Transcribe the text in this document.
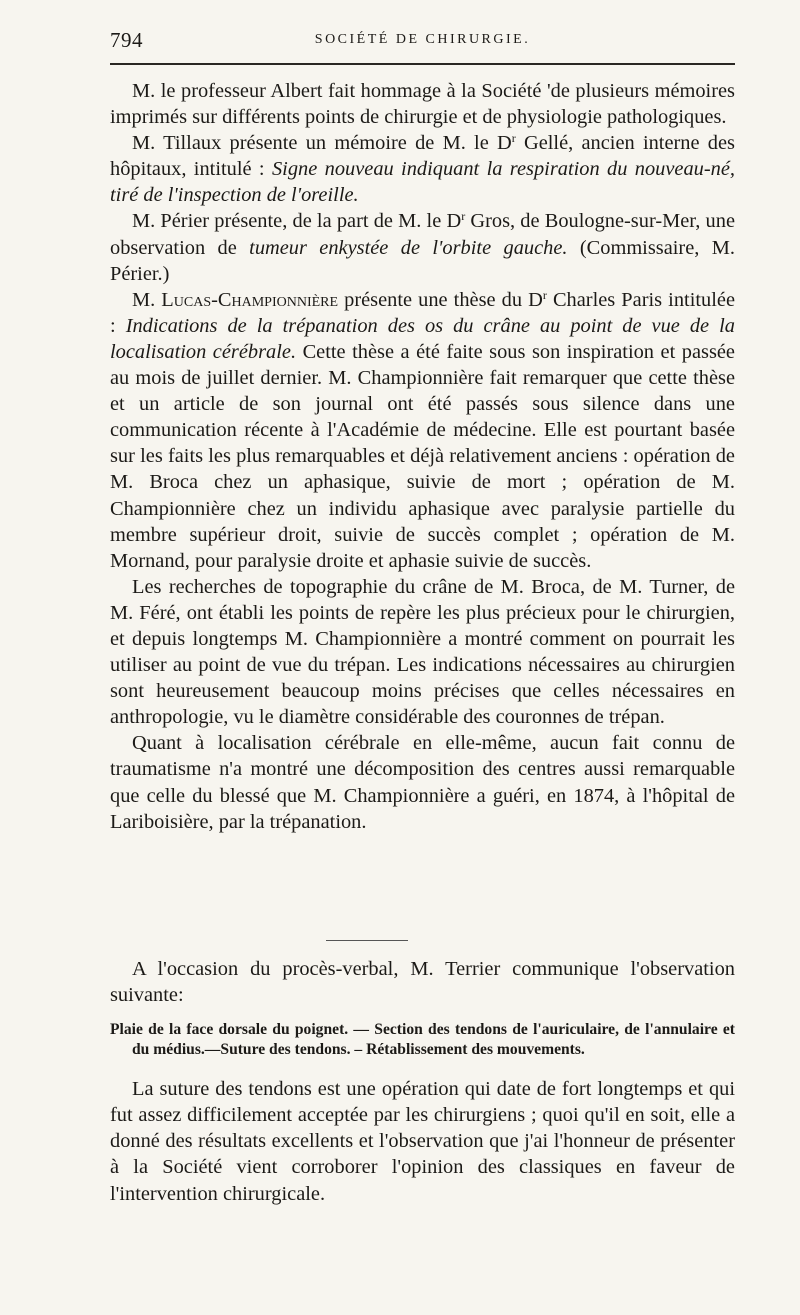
794	SOCIÉTÉ DE CHIRURGIE.

M. le professeur Albert fait hommage à la Société 'de plusieurs mémoires imprimés sur différents points de chirurgie et de physiologie pathologiques.

M. Tillaux présente un mémoire de M. le $D^r$ Gellé, ancien interne des hôpitaux, intitulé : Signe nouveau indiquant la respiration du nouveau-né, tiré de l'inspection de l'oreille.

M. Périer présente, de la part de M. le $D^r$ Gros, de Boulogne-sur-Mer, une observation de tumeur enkystée de l'orbite gauche. (Commissaire, M. Périer.)

M. Lucas-Championnière présente une thèse du $D^r$ Charles Paris intitulée : Indications de la trépanation des os du crâne au point de vue de la localisation cérébrale. Cette thèse a été faite sous son inspiration et passée au mois de juillet dernier. M. Championnière fait remarquer que cette thèse et un article de son journal ont été passés sous silence dans une communication récente à l'Académie de médecine. Elle est pourtant basée sur les faits les plus remarquables et déjà relativement anciens : opération de M. Broca chez un aphasique, suivie de mort ; opération de M. Championnière chez un individu aphasique avec paralysie partielle du membre supérieur droit, suivie de succès complet ; opération de M. Mornand, pour paralysie droite et aphasie suivie de succès.

Les recherches de topographie du crâne de M. Broca, de M. Turner, de M. Féré, ont établi les points de repère les plus précieux pour le chirurgien, et depuis longtemps M. Championnière a montré comment on pourrait les utiliser au point de vue du trépan. Les indications nécessaires au chirurgien sont heureusement beaucoup moins précises que celles nécessaires en anthropologie, vu le diamètre considérable des couronnes de trépan.

Quant à localisation cérébrale en elle-même, aucun fait connu de traumatisme n'a montré une décomposition des centres aussi remarquable que celle du blessé que M. Championnière a guéri, en 1874, à l'hôpital de Lariboisière, par la trépanation.

A l'occasion du procès-verbal, M. Terrier communique l'observation suivante:

Plaie de la face dorsale du poignet. — Section des tendons de l'auriculaire, de l'annulaire et du médius.—Suture des tendons. – Rétablissement des mouvements.

La suture des tendons est une opération qui date de fort longtemps et qui fut assez difficilement acceptée par les chirurgiens ; quoi qu'il en soit, elle a donné des résultats excellents et l'observation que j'ai l'honneur de présenter à la Société vient corroborer l'opinion des classiques en faveur de l'intervention chirurgicale.
